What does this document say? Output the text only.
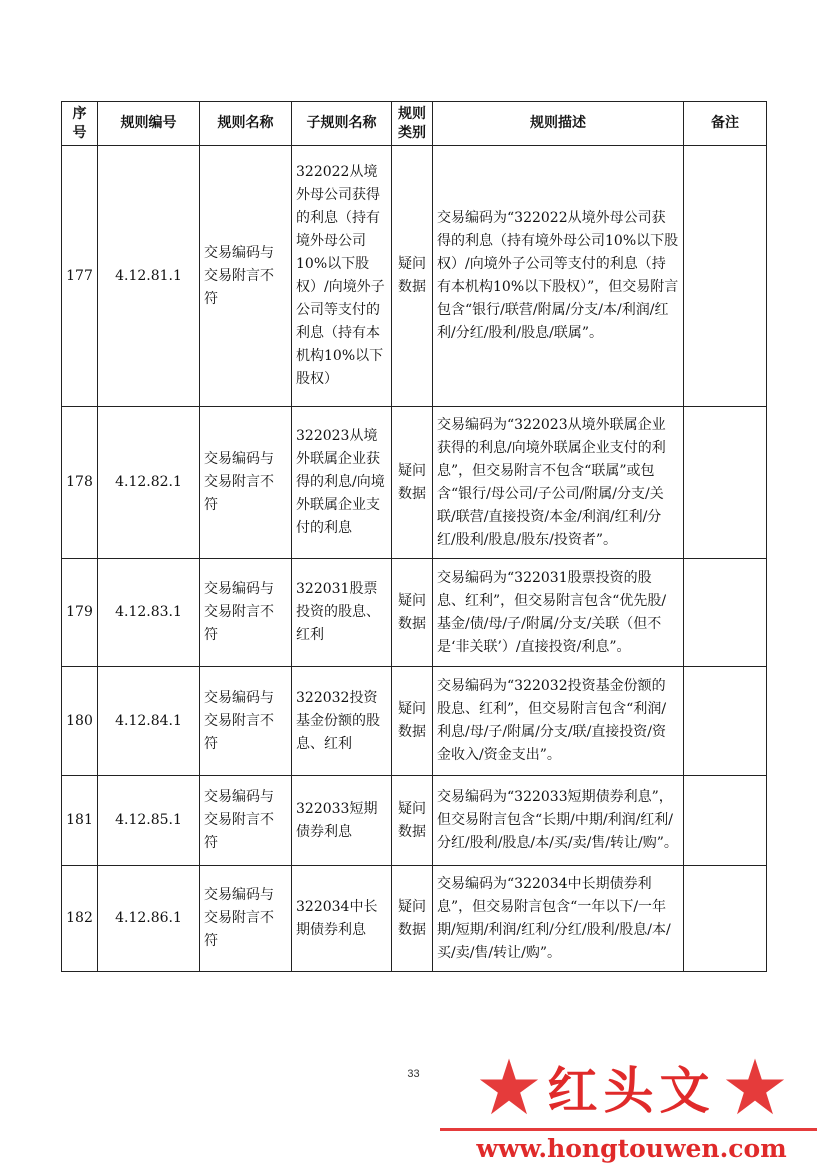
序号	规则编号	规则名称	子规则名称	规则类别	规则描述	备注
177	4.12.81.1	交易编码与交易附言不符	322022从境外母公司获得的利息（持有境外母公司10%以下股权）/向境外子公司等支付的利息（持有本机构10%以下股权）	疑问数据	交易编码为“322022从境外母公司获得的利息（持有境外母公司10%以下股权）/向境外子公司等支付的利息（持有本机构10%以下股权）”，但交易附言包含“银行/联营/附属/分支/本/利润/红利/分红/股利/股息/联属”。	
178	4.12.82.1	交易编码与交易附言不符	322023从境外联属企业获得的利息/向境外联属企业支付的利息	疑问数据	交易编码为“322023从境外联属企业获得的利息/向境外联属企业支付的利息”，但交易附言不包含“联属”或包含“银行/母公司/子公司/附属/分支/关联/联营/直接投资/本金/利润/红利/分红/股利/股息/股东/投资者”。	
179	4.12.83.1	交易编码与交易附言不符	322031股票投资的股息、红利	疑问数据	交易编码为“322031股票投资的股息、红利”，但交易附言包含“优先股/基金/债/母/子/附属/分支/关联（但不是‘非关联’）/直接投资/利息”。	
180	4.12.84.1	交易编码与交易附言不符	322032投资基金份额的股息、红利	疑问数据	交易编码为“322032投资基金份额的股息、红利”，但交易附言包含“利润/利息/母/子/附属/分支/联/直接投资/资金收入/资金支出”。	
181	4.12.85.1	交易编码与交易附言不符	322033短期债券利息	疑问数据	交易编码为“322033短期债券利息”，但交易附言包含“长期/中期/利润/红利/分红/股利/股息/本/买/卖/售/转让/购”。	
182	4.12.86.1	交易编码与交易附言不符	322034中长期债券利息	疑问数据	交易编码为“322034中长期债券利息”，但交易附言包含“一年以下/一年期/短期/利润/红利/分红/股利/股息/本/买/卖/售/转让/购”。	
33	红头文
www.hongtouwen.com
